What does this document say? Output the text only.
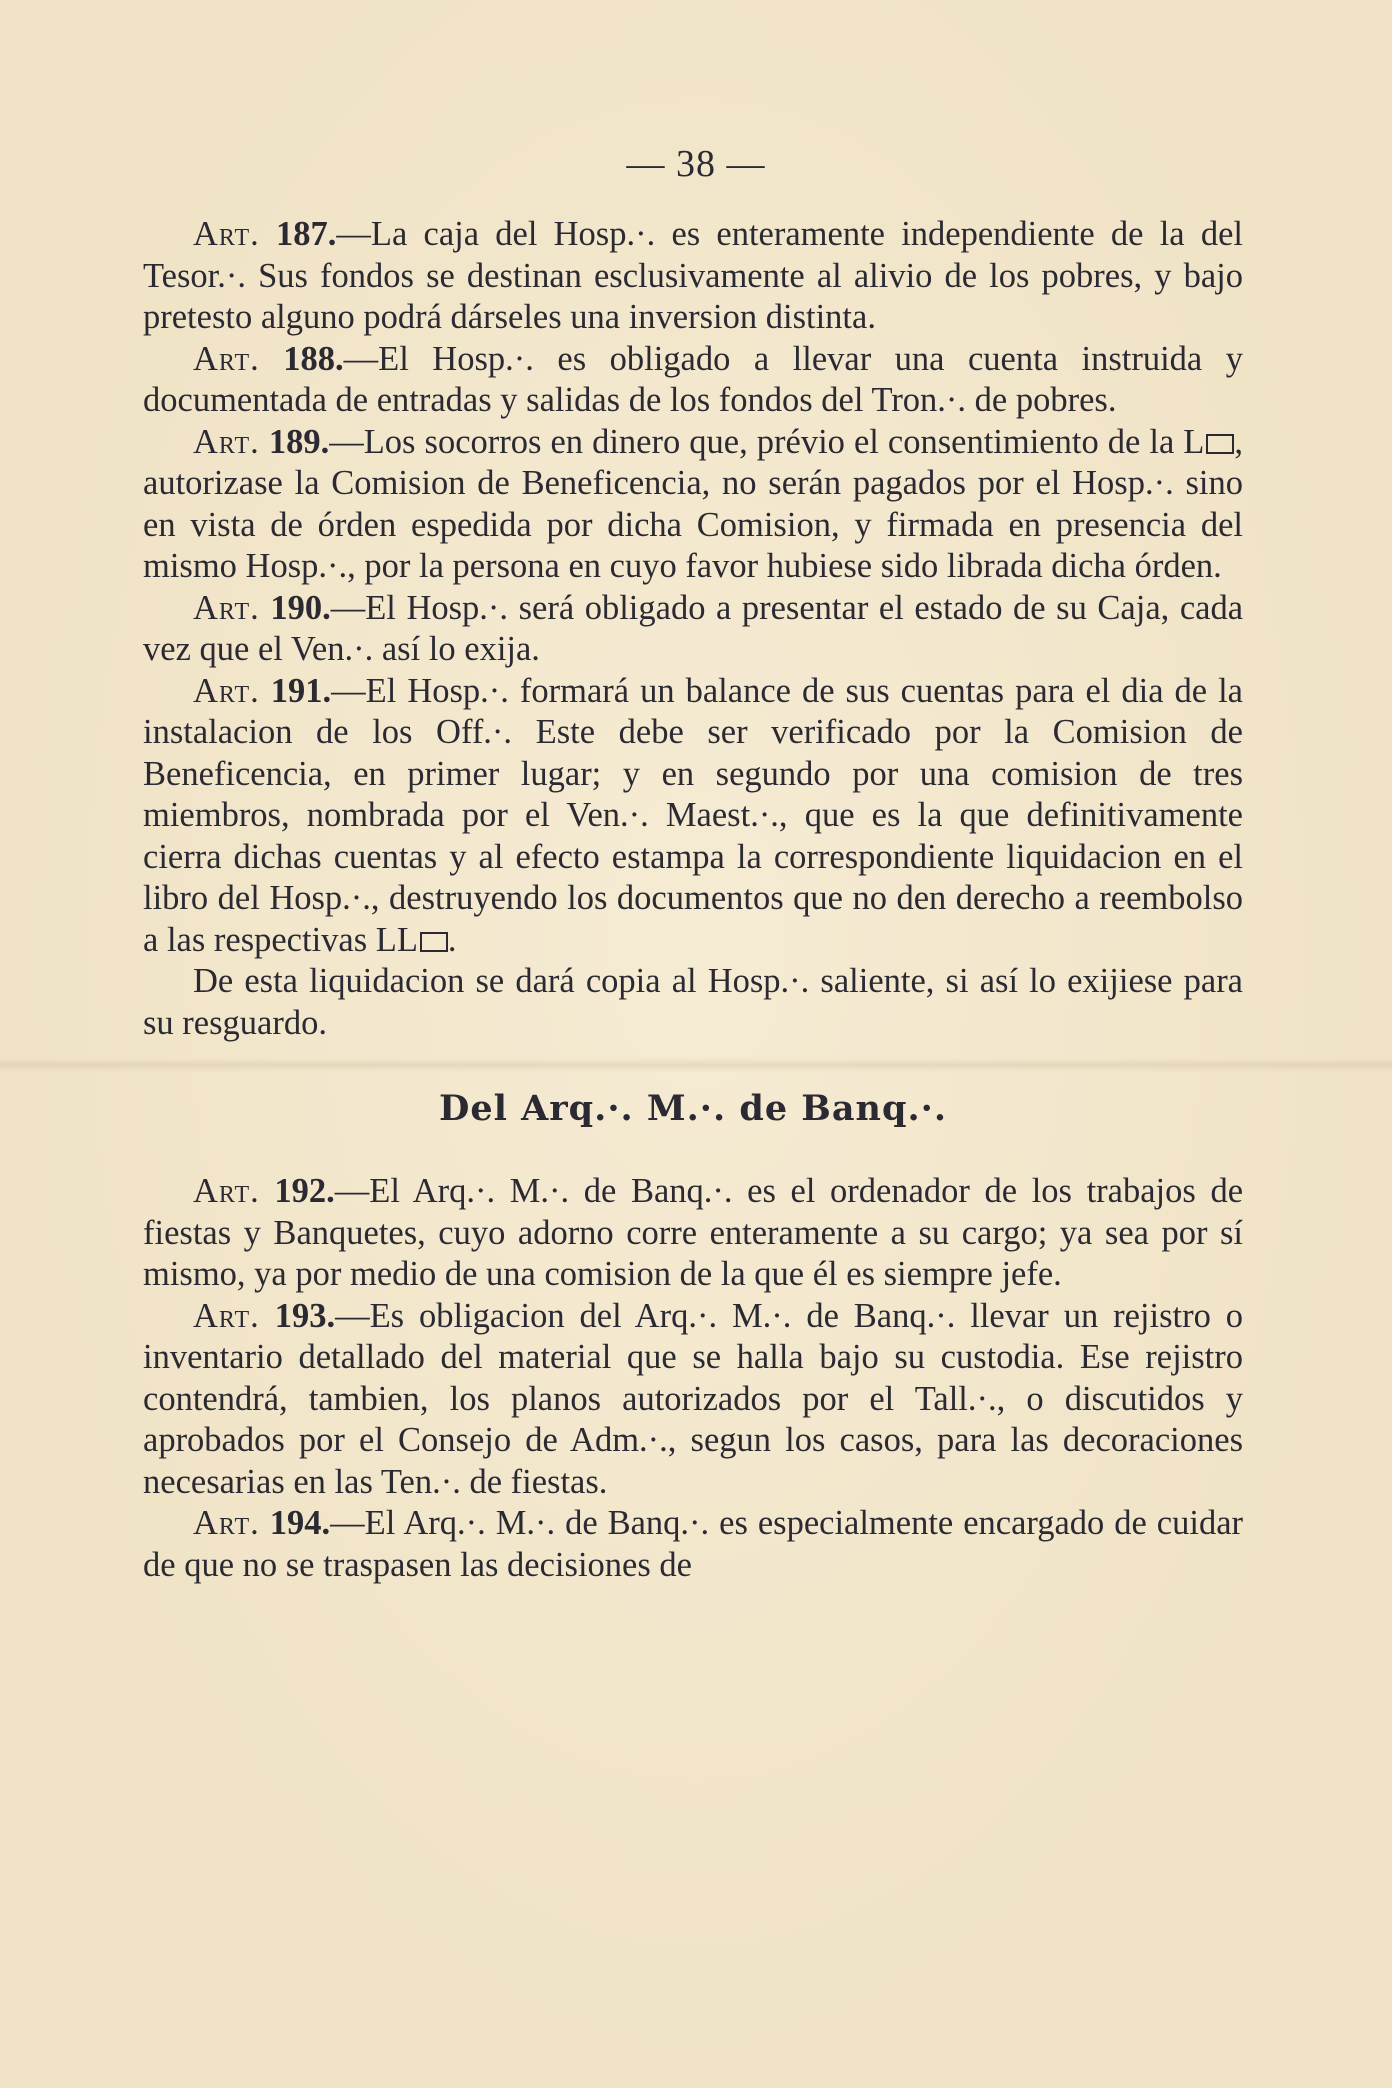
— 38 —

Art. 187.—La caja del Hosp.·. es enteramente independiente de la del Tesor.·. Sus fondos se destinan esclusivamente al alivio de los pobres, y bajo pretesto alguno podrá dárseles una inversion distinta.

Art. 188.—El Hosp.·. es obligado a llevar una cuenta instruida y documentada de entradas y salidas de los fondos del Tron.·. de pobres.

Art. 189.—Los socorros en dinero que, prévio el consentimiento de la L , autorizase la Comision de Beneficencia, no serán pagados por el Hosp.·. sino en vista de órden espedida por dicha Comision, y firmada en presencia del mismo Hosp.·., por la persona en cuyo favor hubiese sido librada dicha órden.

Art. 190.—El Hosp.·. será obligado a presentar el estado de su Caja, cada vez que el Ven.·. así lo exija.

Art. 191.—El Hosp.·. formará un balance de sus cuentas para el dia de la instalacion de los Off.·. Este debe ser verificado por la Comision de Beneficencia, en primer lugar; y en segundo por una comision de tres miembros, nombrada por el Ven.·. Maest.·., que es la que definitivamente cierra dichas cuentas y al efecto estampa la correspondiente liquidacion en el libro del Hosp.·., destruyendo los documentos que no den derecho a reembolso a las respectivas LL .

De esta liquidacion se dará copia al Hosp.·. saliente, si así lo exijiese para su resguardo.

Del Arq.·. M.·. de Banq.·.

Art. 192.—El Arq.·. M.·. de Banq.·. es el ordenador de los trabajos de fiestas y Banquetes, cuyo adorno corre enteramente a su cargo; ya sea por sí mismo, ya por medio de una comision de la que él es siempre jefe.

Art. 193.—Es obligacion del Arq.·. M.·. de Banq.·. llevar un rejistro o inventario detallado del material que se halla bajo su custodia. Ese rejistro contendrá, tambien, los planos autorizados por el Tall.·., o discutidos y aprobados por el Consejo de Adm.·., segun los casos, para las decoraciones necesarias en las Ten.·. de fiestas.

Art. 194.—El Arq.·. M.·. de Banq.·. es especialmente encargado de cuidar de que no se traspasen las decisiones de
